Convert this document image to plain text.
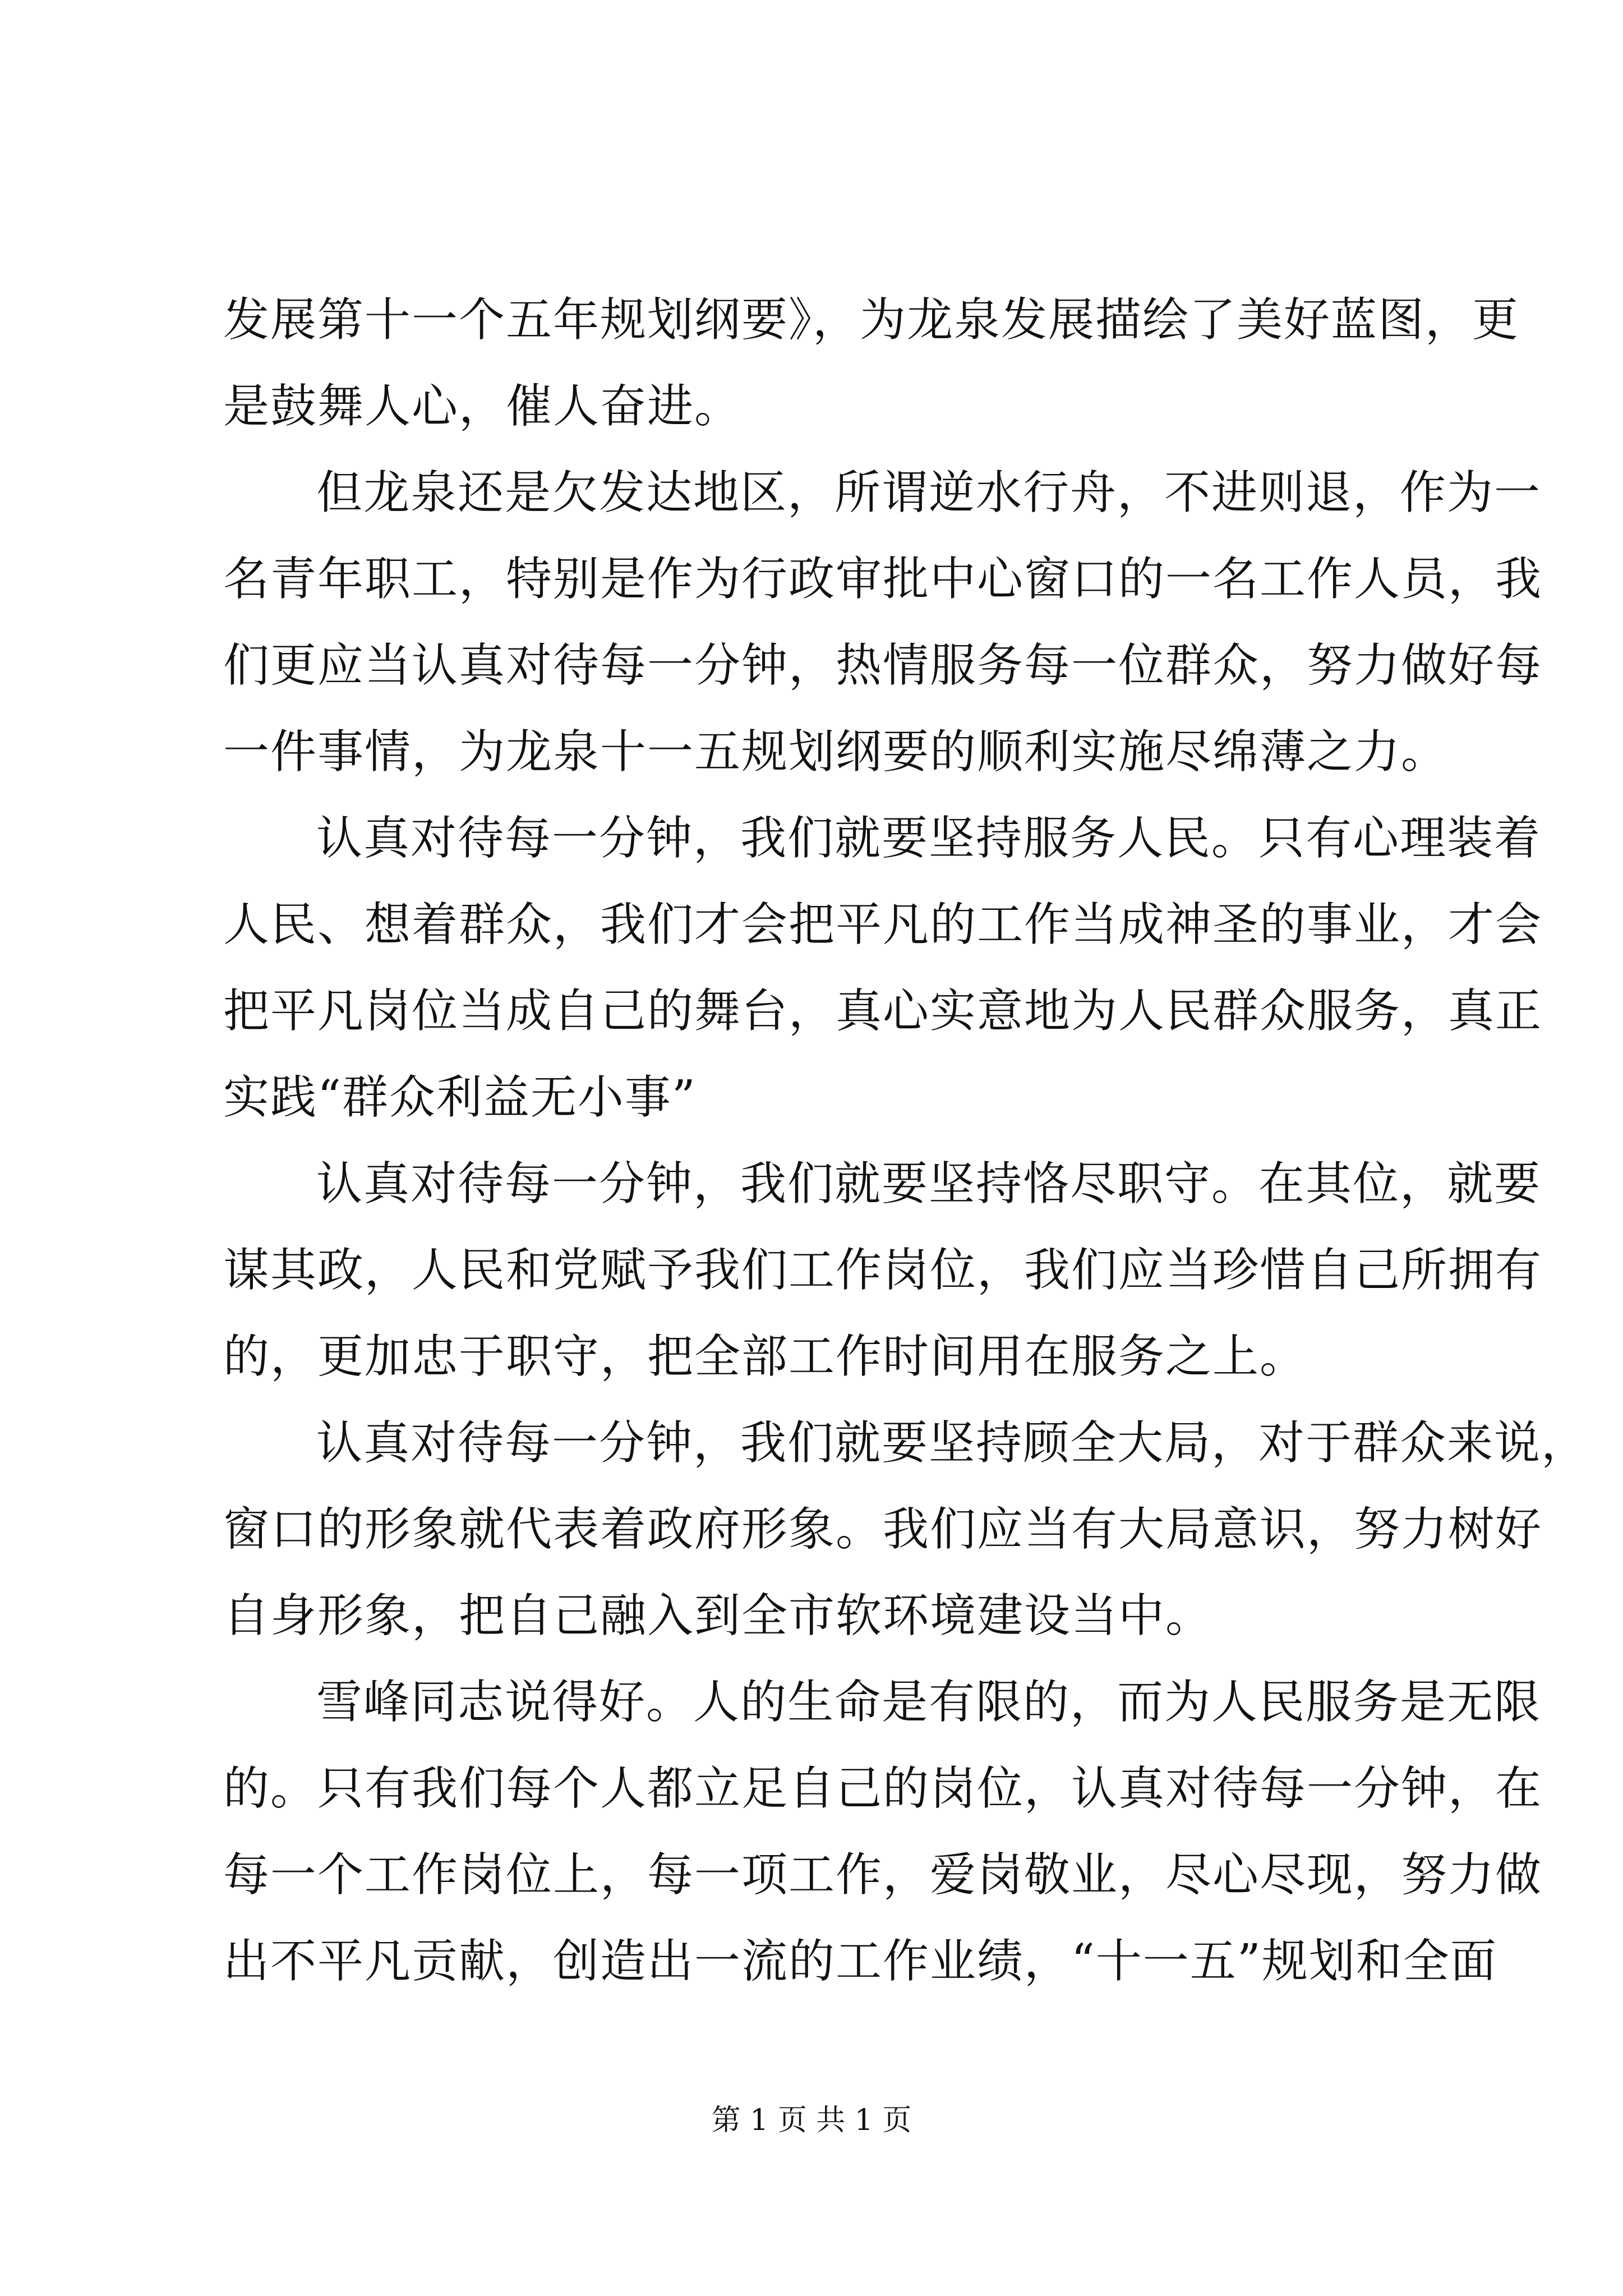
发展第十一个五年规划纲要》，为龙泉发展描绘了美好蓝图，更
是鼓舞人心，催人奋进。
但龙泉还是欠发达地区，所谓逆水行舟，不进则退，作为一
名青年职工，特别是作为行政审批中心窗口的一名工作人员，我
们更应当认真对待每一分钟，热情服务每一位群众，努力做好每
一件事情，为龙泉十一五规划纲要的顺利实施尽绵薄之力。
认真对待每一分钟，我们就要坚持服务人民。只有心理装着
人民、想着群众，我们才会把平凡的工作当成神圣的事业，才会
把平凡岗位当成自己的舞台，真心实意地为人民群众服务，真正
实践“群众利益无小事”
认真对待每一分钟，我们就要坚持恪尽职守。在其位，就要
谋其政，人民和党赋予我们工作岗位，我们应当珍惜自己所拥有
的，更加忠于职守，把全部工作时间用在服务之上。
认真对待每一分钟，我们就要坚持顾全大局，对于群众来说，
窗口的形象就代表着政府形象。我们应当有大局意识，努力树好
自身形象，把自己融入到全市软环境建设当中。
雪峰同志说得好。人的生命是有限的，而为人民服务是无限
的。只有我们每个人都立足自己的岗位，认真对待每一分钟，在
每一个工作岗位上，每一项工作，爱岗敬业，尽心尽现，努力做
出不平凡贡献，创造出一流的工作业绩，“十一五”规划和全面
第 1 页 共 1 页
